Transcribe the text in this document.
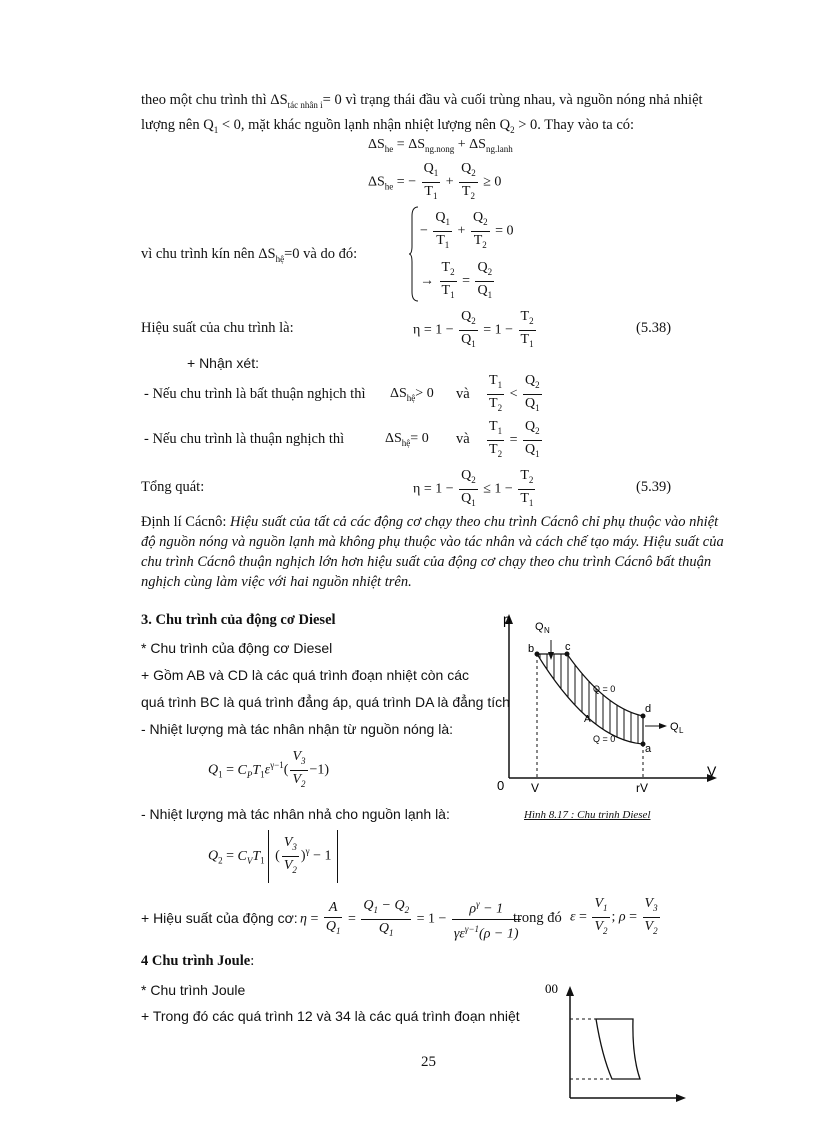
theo một chu trình thì $\Delta S_{tác nhân i}= 0$ vì trạng thái đầu và cuối trùng nhau, và nguồn nóng nhả nhiệt
lượng nên $Q_1 < 0$, mặt khác nguồn lạnh nhận nhiệt lượng nên $Q_2 > 0$. Thay vào ta có:
$\Delta S_{he} = \Delta S_{ng.nong} + \Delta S_{ng.lanh}$
$\Delta S_{he}$ = − $\frac{Q_1}{T_1} + \frac{Q_2}{T_2} \ge 0$
vì chu trình kín nên $\Delta S_{hệ}=0$ và do đó:
− $\frac{Q_1}{T_1} + \frac{Q_2}{T_2} = 0$
→ $\frac{T_2}{T_1} = \frac{Q_2}{Q_1}$
Hiệu suất của chu trình là:	$\eta = 1 - \frac{Q_2}{Q_1} = 1 - \frac{T_2}{T_1}$	(5.38)
+ Nhận xét:
- Nếu chu trình là bất thuận nghịch thì $\Delta S_{hệ}> 0$ và $\frac{T_1}{T_2} < \frac{Q_2}{Q_1}$
- Nếu chu trình là thuận nghịch thì	$\Delta S_{hệ}= 0$ và $\frac{T_1}{T_2} = \frac{Q_2}{Q_1}$
Tổng quát:	$\eta = 1 - \frac{Q_2}{Q_1} \le 1 - \frac{T_2}{T_1}$	(5.39)
Định lí Cácnô: Hiệu suất của tất cả các động cơ chạy theo chu trình Cácnô chỉ phụ thuộc vào nhiệt độ nguồn nóng và nguồn lạnh mà không phụ thuộc vào tác nhân và cách chế tạo máy. Hiệu suất của chu trình Cácnô thuận nghịch lớn hơn hiệu suất của động cơ chạy theo chu trình Cácnô bất thuận nghịch cùng làm việc với hai nguồn nhiệt trên.
3. Chu trình của động cơ Diesel
* Chu trình của động cơ Diesel
+ Gồm AB và CD là các quá trình đoạn nhiệt còn các
quá trình BC là quá trình đẳng áp, quá trình DA là đẳng tích
- Nhiệt lượng mà tác nhân nhận từ nguồn nóng là:
$Q_1 = C_PT_1\varepsilon^{\gamma-1}( \frac{V_3}{V_2} -1)$
- Nhiệt lượng mà tác nhân nhả cho nguồn lạnh là:
$Q_2 = C_VT_1$ ( $\frac{V_3}{V_2} )^\gamma - 1$
+ Hiệu suất của động cơ: $\eta = \frac{A}{Q_1} = \frac{Q_1 - Q_2}{Q_1} = 1 - \frac{\rho^\gamma - 1}{\gamma\varepsilon^{\gamma-1}(\rho - 1)}$
trong đó $\varepsilon = \frac{V_1}{V_2}$ ; $\rho = \frac{V_3}{V_2}$
p
V
0
Q N
Q L
b	c
d
a
Q = 0
Q = 0
A
V	rV
Hình 8.17 : Chu trình Diesel
4 Chu trình Joule:
* Chu trình Joule
+ Trong đó các quá trình 12 và 34 là các quá trình đoạn nhiệt
00
25
